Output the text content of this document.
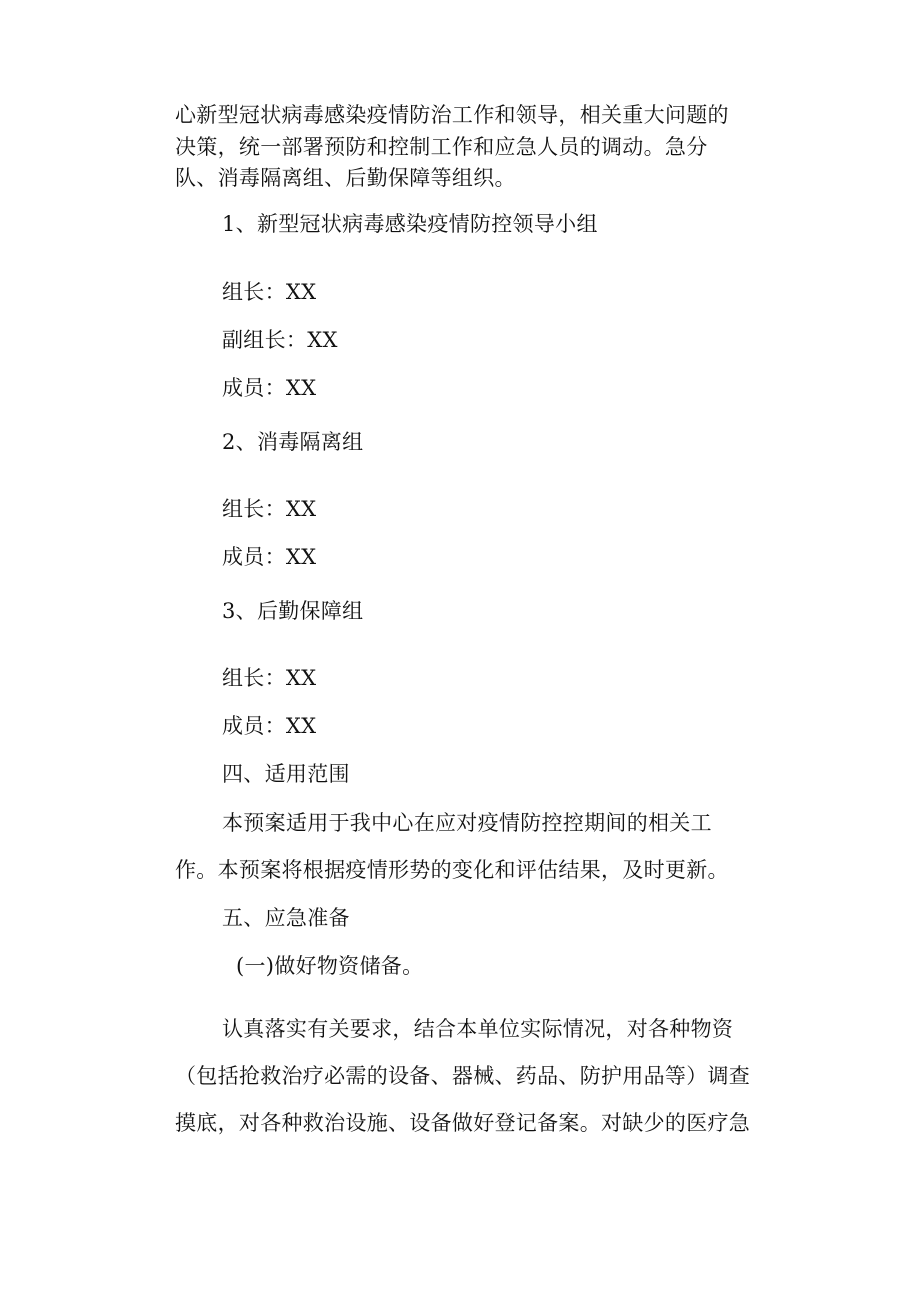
心新型冠状病毒感染疫情防治工作和领导，相关重大问题的
决策，统一部署预防和控制工作和应急人员的调动。急分
队、消毒隔离组、后勤保障等组织。
1、新型冠状病毒感染疫情防控领导小组
组长：XX
副组长：XX
成员：XX
2、消毒隔离组
组长：XX
成员：XX
3、后勤保障组
组长：XX
成员：XX
四、适用范围
本预案适用于我中心在应对疫情防控控期间的相关工
作。本预案将根据疫情形势的变化和评估结果，及时更新。
五、应急准备
(一)做好物资储备。
认真落实有关要求，结合本单位实际情况，对各种物资
（包括抢救治疗必需的设备、器械、药品、防护用品等）调查
摸底，对各种救治设施、设备做好登记备案。对缺少的医疗急
